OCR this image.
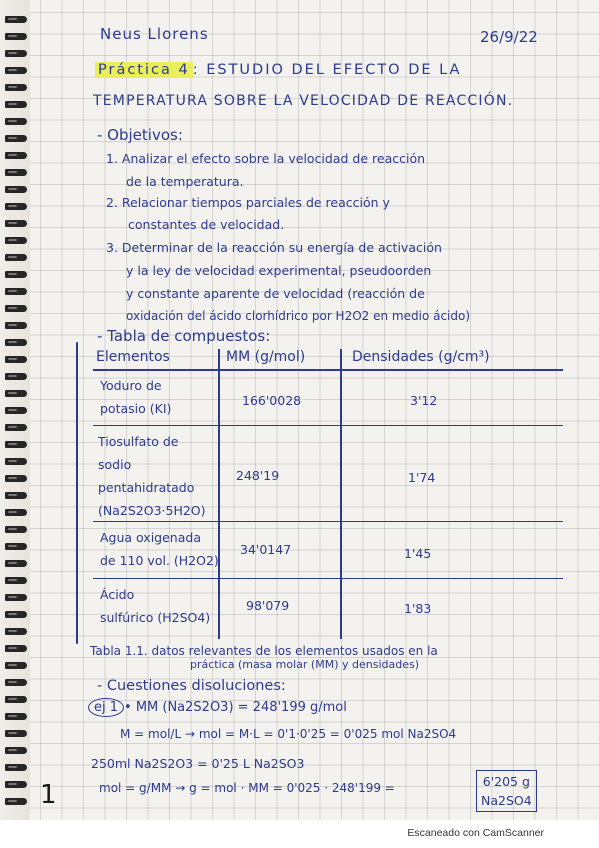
Neus Llorens	26/9/22
Práctica 4 : ESTUDIO DEL EFECTO DE LA
TEMPERATURA SOBRE LA VELOCIDAD DE REACCIÓN.
- Objetivos:
1. Analizar el efecto sobre la velocidad de reacción
de la temperatura.
2. Relacionar tiempos parciales de reacción y
constantes de velocidad.
3. Determinar de la reacción su energía de activación
y la ley de velocidad experimental, pseudoorden
y constante aparente de velocidad (reacción de
oxidación del ácido clorhídrico por H2O2 en medio ácido)
- Tabla de compuestos:
Elementos	MM (g/mol)	Densidades (g/cm³)
Yoduro de
potasio (KI)
166'0028	3'12
Tiosulfato de
sodio
pentahidratado
(Na2S2O3·5H2O)
248'19	1'74
Agua oxigenada
de 110 vol. (H2O2)
34'0147	1'45
Ácido
sulfúrico (H2SO4)
98'079	1'83
Tabla 1.1. datos relevantes de los elementos usados en la
práctica (masa molar (MM) y densidades)
- Cuestiones disoluciones:
ej 1 • MM (Na2S2O3) = 248'199 g/mol
M = mol/L → mol = M·L = 0'1·0'25 = 0'025 mol Na2SO4
250ml Na2S2O3 = 0'25 L Na2SO3
mol = g/MM → g = mol · MM = 0'025 · 248'199 =	6'205 g
Na2SO4
1
Escaneado con CamScanner
